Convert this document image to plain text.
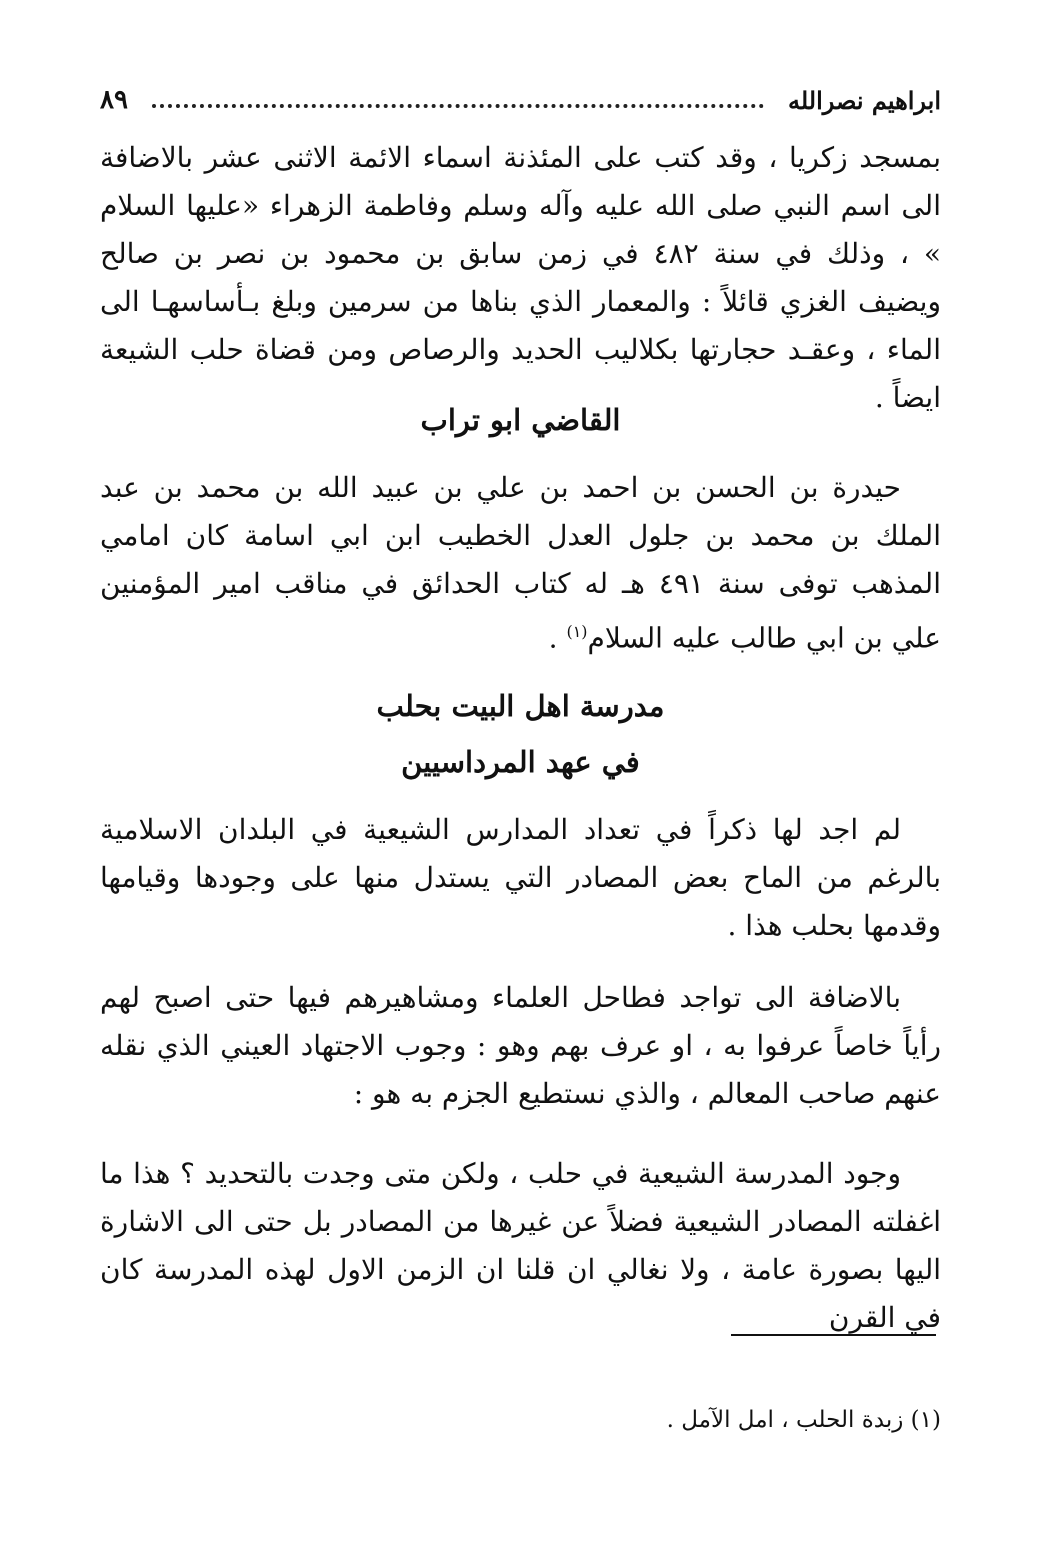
ابراهيم نصرالله
٨٩

بمسجد زكريا ، وقد كتب على المئذنة اسماء الائمة الاثنى عشر بالاضافة الى اسم النبي صلى الله عليه وآله وسلم وفاطمة الزهراء «عليها السلام » ، وذلك في سنة ٤٨٢ في زمن سابق بن محمود بن نصر بن صالح ويضيف الغزي قائلاً : والمعمار الذي بناها من سرمين وبلغ بـأساسهـا الى الماء ، وعقـد حجارتها بكلاليب الحديد والرصاص ومن قضاة حلب الشيعة ايضاً .

القاضي ابو تراب

حيدرة بن الحسن بن احمد بن علي بن عبيد الله بن محمد بن عبد الملك بن محمد بن جلول العدل الخطيب ابن ابي اسامة كان امامي المذهب توفى سنة ٤٩١ هـ له كتاب الحدائق في مناقب امير المؤمنين علي بن ابي طالب عليه السلام$^{(١)}$ .

مدرسة اهل البيت بحلب

في عهد المرداسيين

لم اجد لها ذكراً في تعداد المدارس الشيعية في البلدان الاسلامية بالرغم من الماح بعض المصادر التي يستدل منها على وجودها وقيامها وقدمها بحلب هذا .

بالاضافة الى تواجد فطاحل العلماء ومشاهيرهم فيها حتى اصبح لهم رأياً خاصاً عرفوا به ، او عرف بهم وهو : وجوب الاجتهاد العيني الذي نقله عنهم صاحب المعالم ، والذي نستطيع الجزم به هو :

وجود المدرسة الشيعية في حلب ، ولكن متى وجدت بالتحديد ؟ هذا ما اغفلته المصادر الشيعية فضلاً عن غيرها من المصادر بل حتى الى الاشارة اليها بصورة عامة ، ولا نغالي ان قلنا ان الزمن الاول لهذه المدرسة كان في القرن

(١) زبدة الحلب ، امل الآمل .
